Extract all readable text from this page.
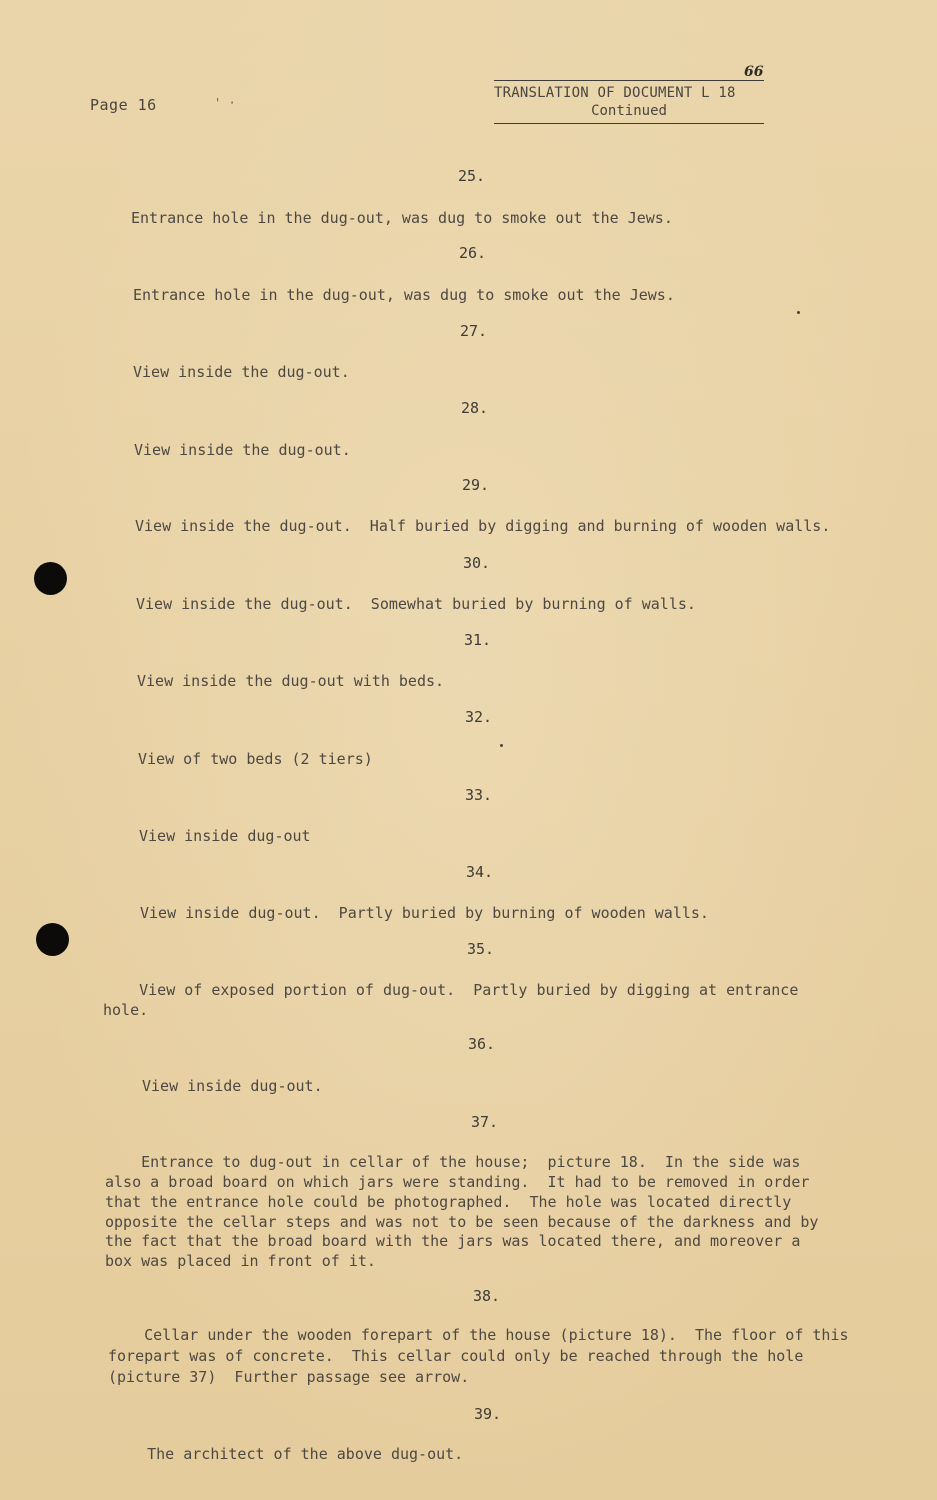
Page 16	' ·
66
TRANSLATION OF DOCUMENT L 18
Continued
25.
Entrance hole in the dug-out, was dug to smoke out the Jews.
26.
Entrance hole in the dug-out, was dug to smoke out the Jews.
27.
View inside the dug-out.
28.
View inside the dug-out.
29.
View inside the dug-out.  Half buried by digging and burning of wooden walls.
30.
View inside the dug-out.  Somewhat buried by burning of walls.
31.
View inside the dug-out with beds.
32.
View of two beds (2 tiers)
33.
View inside dug-out
34.
View inside dug-out.  Partly buried by burning of wooden walls.
35.
View of exposed portion of dug-out.  Partly buried by digging at entrance
hole.
36.
View inside dug-out.
37.
Entrance to dug-out in cellar of the house;  picture 18.  In the side was
also a broad board on which jars were standing.  It had to be removed in order
that the entrance hole could be photographed.  The hole was located directly
opposite the cellar steps and was not to be seen because of the darkness and by
the fact that the broad board with the jars was located there, and moreover a
box was placed in front of it.
38.
Cellar under the wooden forepart of the house (picture 18).  The floor of this
forepart was of concrete.  This cellar could only be reached through the hole
(picture 37)  Further passage see arrow.
39.
The architect of the above dug-out.
